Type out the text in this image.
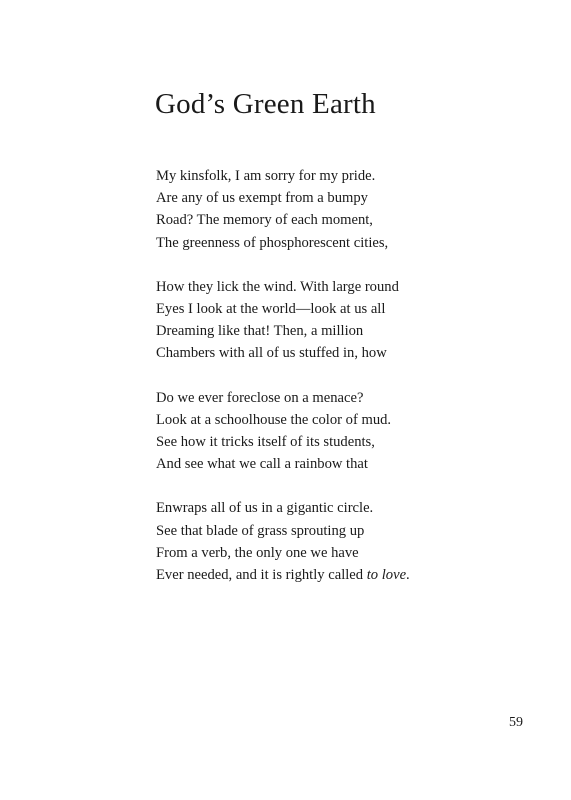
God’s Green Earth

My kinsfolk, I am sorry for my pride.
Are any of us exempt from a bumpy
Road? The memory of each moment,
The greenness of phosphorescent cities,

How they lick the wind. With large round
Eyes I look at the world—look at us all
Dreaming like that! Then, a million
Chambers with all of us stuffed in, how

Do we ever foreclose on a menace?
Look at a schoolhouse the color of mud.
See how it tricks itself of its students,
And see what we call a rainbow that

Enwraps all of us in a gigantic circle.
See that blade of grass sprouting up
From a verb, the only one we have
Ever needed, and it is rightly called to love.

59
